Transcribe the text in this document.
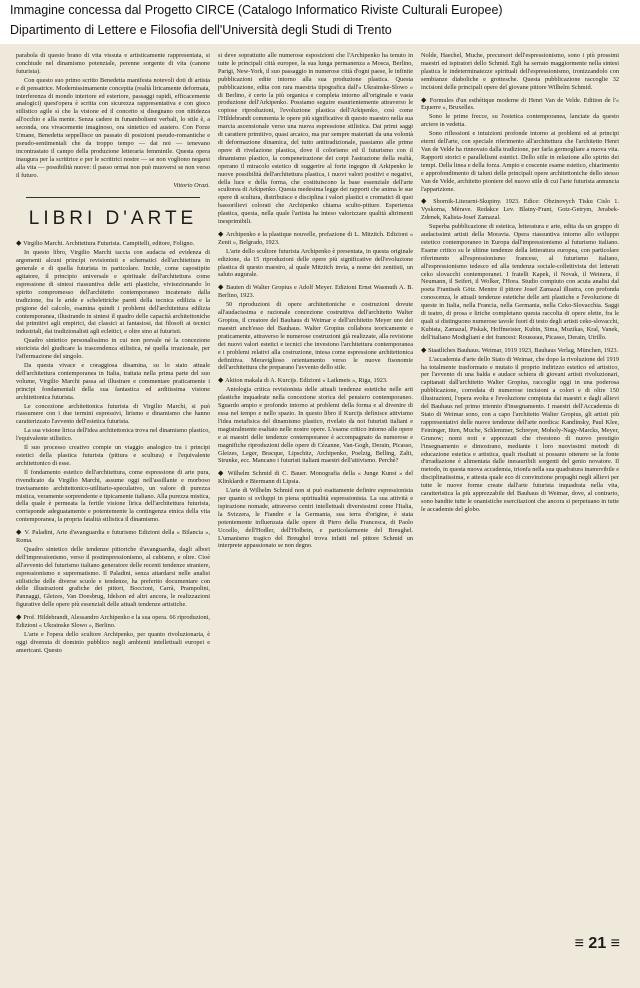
Immagine concessa dal Progetto CIRCE (Catalogo Informatico Riviste Culturali Europee)
Dipartimento di Lettere e Filosofia dell'Università degli Studi di Trento

parabola di questo brano di vita vissuta e artisticamente rappresentata, si conchiude nel dinamismo potenziale, perenne sorgente di vita (canone futurista).

Con questo suo primo scritto Benedetta manifesta notevoli doti di artista e di pensatrice. Modernissimamente concepita (realtà liricamente deformata, interferenza di mondo interiore ed esteriore, passaggi rapidi, efficacemente analogici) quest'opera è scritta con sicurezza rappresentativa e con gioco stilistico agile sì che la visione ed il concetto si disegnano con nitidezza all'occhio e alla mente. Senza cadere in funambolismi verbali, lo stile è, a seconda, ora vivacemente imaginoso, ora sintetico ed austero. Con Forze Umane, Benedetta seppellisce un passato di posizioni pseudo-romantiche e pseudo-sentimentali che da troppo tempo — dai noi — tenevano incontrastato il campo della produzione letteraria femminile. Questa opera inaugura per la scrittrice e per le scrittrici nostre — se non vogliono negarsi alla vita — possibilità nuove: il passo ormai non può muoversi se non verso il futuro.

Vittorio Orazi.
LIBRI D'ARTE

◆ Virgilio Marchi. Architettura Futurista. Campitelli, editore, Foligno.

In questo libro, Virgilio Marchi taccia con audacia ed evidenza di argomenti alcuni principi revisionisti e schematici dell'architettura in generale e di quella futurista in particolare. Incide, come capostipite agitatore, il principio universale e spirituale dell'architettura come espressione di sintesi riassuntiva delle arti plastiche, vivisezionando lo spirito compromesso dell'architetto contemporaneo incatenato dalla tradizione, fra le aride e schelettriche pareti della tecnica edilizia e la prigione del calcolo, esamina quindi i problemi dell'architettura edilizia contemporanea, illustrando in sintesi il quadro delle capacità architettoniche dai primitivi agli empirici, dai classici ai fantasiosi, dai filosofi ai tecnici industriali, dai tradizionalisti agli eclettici, e oltre sino ai futuristi.

Quadro sintetico personalissimo in cui non prevale né la concezione storicista del giudicare la trascendenza stilistica, né quella irrazionale, per l'affermazione del singolo.

Da questa vivace e coraggiosa disamina, su lo stato attuale dell'architettura contemporanea in Italia, trattata nella prima parte del suo volume, Virgilio Marchi passa ad illustrare e commentare praticamente i principi fondamentali della sua fantastica ed arditissima visione architettonica futurista.

Le concezione architettonica futurista di Virgilio Marchi, si può riassumere con i due termini espressivi, lirismo e dinamismo che hanno caratterizzato l'avvento dell'estetica futurista.

La sua visione lirica dell'idea architettonica trova nel dinamismo plastico, l'equivalente stilistico.

Il suo processo creativo compie un viaggio analogico tra i principi estetici della plastica futurista (pittura e scultura) e l'equivalente architettonico di esse.

Il fondamento estetico dell'architettura, come espressione di arte pura, rivendicato da Virgilio Marchi, assume oggi nell'assillante e morboso travisamento architettonico-utilitario-speculativo, un valore di purezza mistica, veramente sorprendente e tipicamente italiano. Alla purezza mistica, della quale è permeata la fertile visione lirica dell'architettura futurista, corrisponde adeguatamente e potentemente la contingenza etnica della vita contemporanea, la propria fatalità stilistica il dinamismo.

◆ V. Paladini, Arte d'avanguardia e futurismo Edizioni della « Bilancia », Roma.

Quadro sintetico delle tendenze pittoriche d'avanguardia, dagli albori dell'impressionismo, verso il postimpressionismo, al cubismo, e oltre. Cioè all'avvento del futurismo italiano generatore delle recenti tendenze straniere, espressionismo e suprematismo. Il Paladini, senza attardarsi nelle analisi stilistiche delle diverse scuole e tendenze, ha preferito documentare con delle illustrazioni grafiche dei pittori, Boccioni, Carrà, Prampolini, Pannaggi, Gleizes, Van Doesbrug, Idelson ed altri ancora, le realizzazioni figurative delle opere più essenziali delle attuali tendenze artistiche.

◆ Prof. Hildebrandt, Alessandro Archipenko e la sua opera. 66 riproduzioni, Edizioni « Ukrainske Slowo », Berlino.

L'arte e l'opera dello scultore Archipenko, per quanto rivoluzionaria, è oggi divenuta di dominio pubblico negli ambienti intellettuali europei e americani. Questo

si deve soprattutto alle numerose esposizioni che l'Archipenko ha tenuto in tutte le principali città europee, la sua lunga permanenza a Mosca, Berlino, Parigi, New-York, il suo passaggio in numerose città d'ogni paese, le infinite pubblicazioni edite intorno alla sua produzione plastica. Questa pubblicazione, edita con rara maestria tipografica dall'« Ukrainske-Slowo » di Berlino, è certo la più organica e completa intorno all'originale e vasta produzione dell'Arkipenko. Possiamo seguire esaurientemente attraverso le copiose riproduzioni, l'evoluzione plastica dell'Arkipenko, così come l'Hildebrandt commenta le opere più significative di questo maestro nella sua marcia ascensionale verso una nuova espressione stilistica. Dai primi saggi di carattere primitivo, quasi arcaico, ma pur sempre materiati da una volontà di deformazione dinamica, del tutto antitradizionale, passiamo alle prime opere di rivelazione plastica, dove il colorismo ed il futurismo con il dinamismo plastico, la compenetrazione dei corpi l'astrazione della realtà, operano il miracolo estetico di suggerire al forte ingegno di Arkipenko le nuove possibilità dell'architettura plastica, i nuovi valori positivi e negativi, della luce e della forma, che costituiscono la base essenziale dell'arte scultorea di Arkipenko. Questa medesima legge dei rapporti che anima le sue opere di scultura, distribuisce e disciplina i valori plastici e cromatici di quei bassorilievi colorati che Archipenko chiama sculto-pitture. Esperienza plastica, questa, nella quale l'artista ha inteso valorizzare qualità altrimenti inesprimibili.

◆ Archipenko e la plastique nouvelle, prefazione di L. Mitzitch. Edizioni « Zenit », Belgrado, 1923.

L'arte dello scultore futurista Archipenko è presentata, in questa originale edizione, da 15 riproduzioni delle opere più significative dell'evoluzione plastica di questo maestro, al quale Mitzitch invia, a nome dei zenitisti, un saluto augurale.

◆ Bauten di Walter Gropius e Adolf Meyer. Edizioni Ernst Wasmuth A. B. Berlino, 1923.

50 riproduzioni di opere architettoniche e costruzioni dovute all'audacissima e razionale concezione costruttiva dell'architetto Walter Gropius, il creatore del Bauhaus di Weimar e dell'architetto Meyer uno dei maestri anch'esso del Bauhaus. Walter Gropius collabora teoricamente e praticamente, attraverso le numerose costruzioni già realizzate, alla revisione dei nuovi valori estetici e tecnici che investono l'architettura contemporanea e i problemi relativi alla costruzione, intesa come espressione architettonica definitiva. Meraviglioso orientamento verso le nuove fisonomie dell'architettura che preparano l'avvento dello stile.

◆ Aktion makala di A. Kurcijs. Edizioni « Laikmets », Riga, 1923.

Antologia critica revisionista delle attuali tendenze estetiche nelle arti plastiche inquadrate nella concezione storica del pensiero contemporaneo. Sguardo ampio e profondo intorno ai problemi della forma e al divenire di essa nel tempo e nello spazio. In questo libro il Kurcijs definisce attivismo l'idea metafisica del dinamismo plastico, rivelato da noi futuristi italiani e magistralmente esaltato nelle nostre opere. L'esame critico intorno alle opere e ai maestri delle tendenze contemporanee è accompagnato da numerose e magnifiche riproduzioni delle opere di Cézanne, Van-Gogh, Derain, Picasso, Gleizes, Leger, Bracque, Lipschitz, Archipenko, Poelzig, Belling, Zalit, Strunke, ecc. Mancano i futuristi italiani maestri dell'attivismo. Perchè?

◆ Wilhelm Schmid di C. Bauer. Monografia della « Junge Kunst » del Klinklardt e Biermann di Lipsia.

L'arte di Wilhelm Schmid non si può esattamente definire espressionista per quanto si sviluppi in piena spiritualità espressionista. La sua attività e ispirazione nomade, attraverso centri intellettuali diversissimi come l'Italia, la Svizzera, le Fiandre e la Germania, sua terra d'origine, è stata potentemente influenzata dalle opere di Piero della Francesca, di Paolo Uccello, dell'Hodler, dell'Holbein, e particolarmente del Breughel. L'umanismo tragico del Breughel trova infatti nel pittore Schmid un interprete appassionato se non degno.

Nolde, Haechel, Muche, precursori dell'espressionismo, sono i più prossimi maestri ed ispiratori dello Schmid. Egli ha serrato maggiormente nella sintesi plastica le indeterminatezze spirituali dell'espressionismo, ironizzandolo con sembianze diaboliche e grottesche. Questa pubblicazione raccoglie 32 incisioni delle principali opere del giovane pittore Wilhelm Schmid.

◆ Formules d'un esthétique moderne di Henri Van de Velde. Edition de l'« Equerre », Bruxelles.

Sono le prime frecce, su l'estetica contemporanea, lanciate da questo arciere in vedetta.

Sono riflessioni e intuizioni profonde intorno ai problemi ed ai principi eterni dell'arte, con speciale riferimento all'architettura che l'architetto Henri Van de Velde ha rinnovato dalla tradizione, per farla germogliare a nuova vita. Rapporti storici e parallelismi estetici. Dello stile in relazione allo spirito dei tempi. Della linea e della forza. Ampio e coscente esame estetico, chiarimento e approfondimento di taluni delle principali opere architettoniche dello stesso Van de Velde, architetto pioniere del nuovo stile di cui l'arte futurista annuncia l'apparizione.

◆ Sbornik-Literarni-Skupiny. 1923. Edice: Obzinovych Tisku Cislo 1. Vyskorna, Mèrave. Redakce Lev. Blatny-Frant, Gotz-Getrym, Jerabek-Zdenek, Kalista-Josef Zamazal.

Superba pubblicazione di estetica, letteratura e arte, edita da un gruppo di audacissimi artisti della Moravia. Opera riassuntiva intorno allo sviluppo estetico contemporaneo in Europa dall'impressionismo al futurismo italiano. Esame critico su le ultime tendenze della letteratura europea, con particolare riferimento all'espressionismo francese, al futurismo italiano, all'espressionismo tedesco ed alla tendenza sociale-collettivista dei letterati ceko slovacchi contemporanei. I fratelli Kapek, il Novak, il Weinera, il Neumann, il Seifert, il Wolker, l'Hora. Studio compiuto con acuta analisi dal poeta Frantisek Götz. Mentre il pittore Josef Zamazal illustra, con profonda conoscenza, le attuali tendenze estetiche delle arti plastiche e l'evoluzione di queste in Italia, nella Francia, nella Germania, nella Ceko-Slovacchia. Saggi di teatro, di prosa e liriche completano questa raccolta di opere elette, fra le quali si distinguono numerose tavole fuori di testo degli artisti ceko-slovacchi, Kubista, Zamazal, Piskak, Hoffmeister, Kubin, Sima, Muzikas, Kral, Vanek, dell'italiano Modigliani e dei francesi: Rousseau, Picasso, Derain, Utrillo.

◆ Staatliches Bauhaus. Weimar, 1919 1923, Bauhaus Verlag, München, 1923.

L'accademia d'arte dello Stato di Weimar, che dopo la rivoluzione del 1919 ha totalmente trasformato e mutato il proprio indirizzo estetico ed artistico, per l'avvento di una balda e audace schiera di giovani artisti rivoluzionari, capitanati dall'architetto Walter Gropius, raccoglie oggi in una poderosa pubblicazione, corredata di numerose incisioni a colori e di oltre 150 illustrazioni, l'opera svolta e l'evoluzione compiuta dai maestri e dagli allievi del Bauhaus nel primo triennio d'insegnamento. I maestri dell'Accademia di Stato di Weimar sono, con a capo l'architetto Walter Gropius, gli artisti più rappresentativi delle nuove tendenze dell'arte nordica: Kandinsky, Paul Klee, Feininger, Itten, Muche, Schlemmer, Schreyer, Moholy-Nagy-Marcks, Meyer, Grunow; nomi noti e apprezzati che rivestono di nuovo prestigio l'insegnamento e dimostrano, mediante i loro nuovissimi metodi di educazione estetica e artistica, quali risultati si possano ottenere se la fonte d'irradiazione è alimentata dalle inesauribili sorgenti del genio novatore. Il metodo, in questa nuova accademia, trionfa nella sua quadratura inamovibile e disciplinatissima, e attesta quale eco di convinzione propaghi negli allievi per tutte le nuove forme create dall'arte futurista inquadrata nella vita, caratteristica la più apprezzabile del Bauhaus di Weimar, dove, al contrario, sono bandite tutte le onanistiche esercitazioni che ancora si perpetuano in tutte le accademie del globo.

≡ 21 ≡
